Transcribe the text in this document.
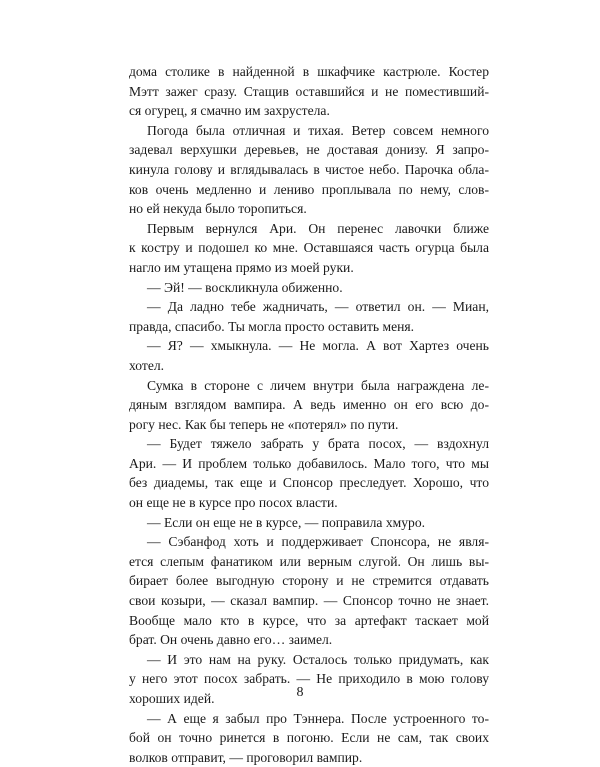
дома столике в найденной в шкафчике кастрюле. Костер
Мэтт зажег сразу. Стащив оставшийся и не поместивший-
ся огурец, я смачно им захрустела.
Погода была отличная и тихая. Ветер совсем немного
задевал верхушки деревьев, не доставая донизу. Я запро-
кинула голову и вглядывалась в чистое небо. Парочка обла-
ков очень медленно и лениво проплывала по нему, слов-
но ей некуда было торопиться.
Первым вернулся Ари. Он перенес лавочки ближе
к костру и подошел ко мне. Оставшаяся часть огурца была
нагло им утащена прямо из моей руки.
— Эй! — воскликнула обиженно.
— Да ладно тебе жадничать, — ответил он. — Миан,
правда, спасибо. Ты могла просто оставить меня.
— Я? — хмыкнула. — Не могла. А вот Хартез очень
хотел.
Сумка в стороне с личем внутри была награждена ле-
дяным взглядом вампира. А ведь именно он его всю до-
рогу нес. Как бы теперь не «потерял» по пути.
— Будет тяжело забрать у брата посох, — вздохнул
Ари. — И проблем только добавилось. Мало того, что мы
без диадемы, так еще и Спонсор преследует. Хорошо, что
он еще не в курсе про посох власти.
— Если он еще не в курсе, — поправила хмуро.
— Сэбанфод хоть и поддерживает Спонсора, не явля-
ется слепым фанатиком или верным слугой. Он лишь вы-
бирает более выгодную сторону и не стремится отдавать
свои козыри, — сказал вампир. — Спонсор точно не знает.
Вообще мало кто в курсе, что за артефакт таскает мой
брат. Он очень давно его… заимел.
— И это нам на руку. Осталось только придумать, как
у него этот посох забрать. — Не приходило в мою голову
хороших идей.
— А еще я забыл про Тэннера. После устроенного то-
бой он точно ринется в погоню. Если не сам, так своих
волков отправит, — проговорил вампир.
8
